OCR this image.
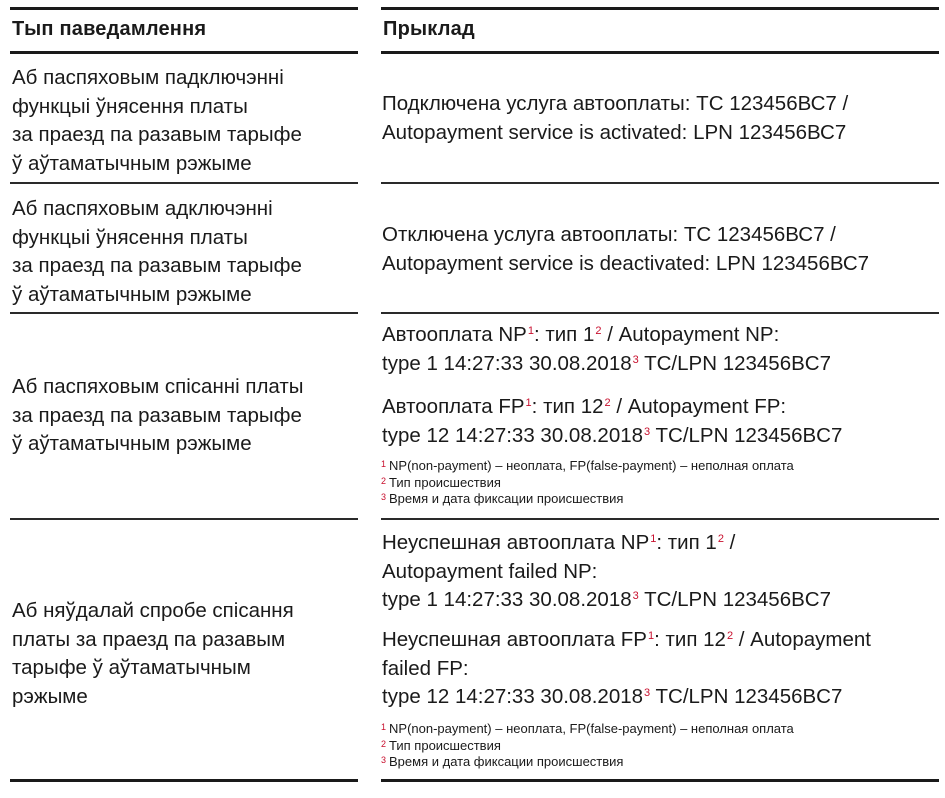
Тып паведамлення
Аб паспяховым падключэнні
функцыі ўнясення платы
за праезд па разавым тарыфе
ў аўтаматычным рэжыме
Аб паспяховым адключэнні
функцыі ўнясення платы
за праезд па разавым тарыфе
ў аўтаматычным рэжыме
Аб паспяховым спісанні платы
за праезд па разавым тарыфе
ў аўтаматычным рэжыме
Аб няўдалай спробе спісання
платы за праезд па разавым
тарыфе ў аўтаматычным
рэжыме
Прыклад
Подключена услуга автооплаты: ТС 123456ВС7 /
Autopayment service is activated: LPN 123456ВС7
Отключена услуга автооплаты: ТС 123456ВС7 /
Autopayment service is deactivated: LPN 123456ВС7
Автооплата $NP^1$: тип $1^2$ / Autopayment NP:
type 1 14:27:33 30.08.2018$^3$ TC/LPN 123456BC7
Автооплата $FP^1$: тип $12^2$ / Autopayment FP:
type 12 14:27:33 30.08.2018$^3$ TC/LPN 123456BC7
$^1$ NP(non-payment) – неоплата, FP(false-payment) – неполная оплата
$^2$ Тип происшествия
$^3$ Время и дата фиксации происшествия
Неуспешная автооплата $NP^1$: тип $1^2$ /
Autopayment failed NP:
type 1 14:27:33 30.08.2018$^3$ TC/LPN 123456BC7
Неуспешная автооплата $FP^1$: тип $12^2$ / Autopayment
failed FP:
type 12 14:27:33 30.08.2018$^3$ TC/LPN 123456BC7
$^1$ NP(non-payment) – неоплата, FP(false-payment) – неполная оплата
$^2$ Тип происшествия
$^3$ Время и дата фиксации происшествия
